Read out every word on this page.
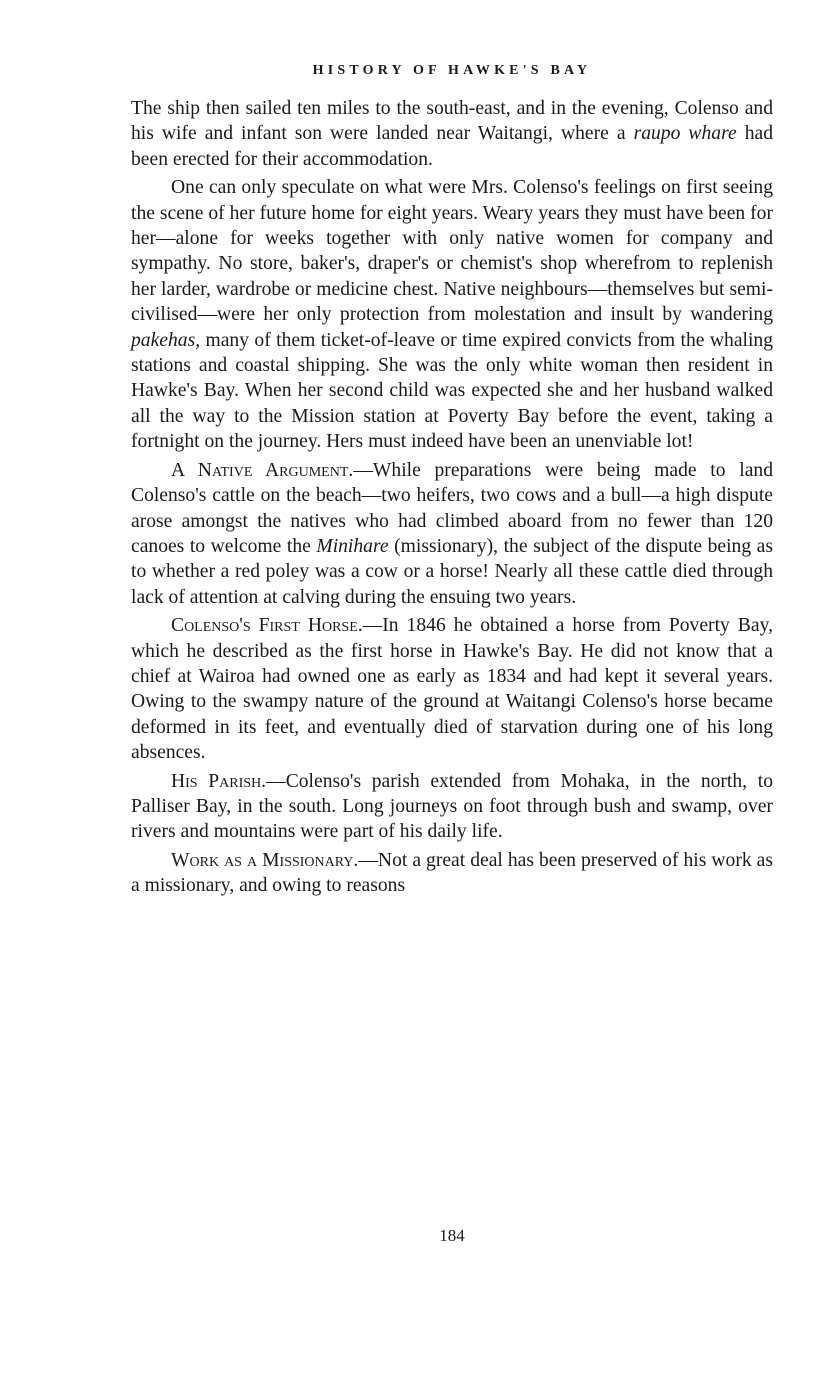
HISTORY OF HAWKE'S BAY

The ship then sailed ten miles to the south-east, and in the evening, Colenso and his wife and infant son were landed near Waitangi, where a raupo whare had been erected for their accommodation.

One can only speculate on what were Mrs. Colenso's feelings on first seeing the scene of her future home for eight years. Weary years they must have been for her—alone for weeks together with only native women for company and sympathy. No store, baker's, draper's or chemist's shop wherefrom to replenish her larder, wardrobe or medicine chest. Native neighbours—themselves but semi-civilised—were her only protection from molestation and insult by wandering pakehas, many of them ticket-of-leave or time expired convicts from the whaling stations and coastal shipping. She was the only white woman then resident in Hawke's Bay. When her second child was expected she and her husband walked all the way to the Mission station at Poverty Bay before the event, taking a fortnight on the journey. Hers must indeed have been an unenviable lot!

A Native Argument.—While preparations were being made to land Colenso's cattle on the beach—two heifers, two cows and a bull—a high dispute arose amongst the natives who had climbed aboard from no fewer than 120 canoes to welcome the Minihare (missionary), the subject of the dispute being as to whether a red poley was a cow or a horse! Nearly all these cattle died through lack of attention at calving during the ensuing two years.

Colenso's First Horse.—In 1846 he obtained a horse from Poverty Bay, which he described as the first horse in Hawke's Bay. He did not know that a chief at Wairoa had owned one as early as 1834 and had kept it several years. Owing to the swampy nature of the ground at Waitangi Colenso's horse became deformed in its feet, and eventually died of starvation during one of his long absences.

His Parish.—Colenso's parish extended from Mohaka, in the north, to Palliser Bay, in the south. Long journeys on foot through bush and swamp, over rivers and mountains were part of his daily life.

Work as a Missionary.—Not a great deal has been preserved of his work as a missionary, and owing to reasons

184
